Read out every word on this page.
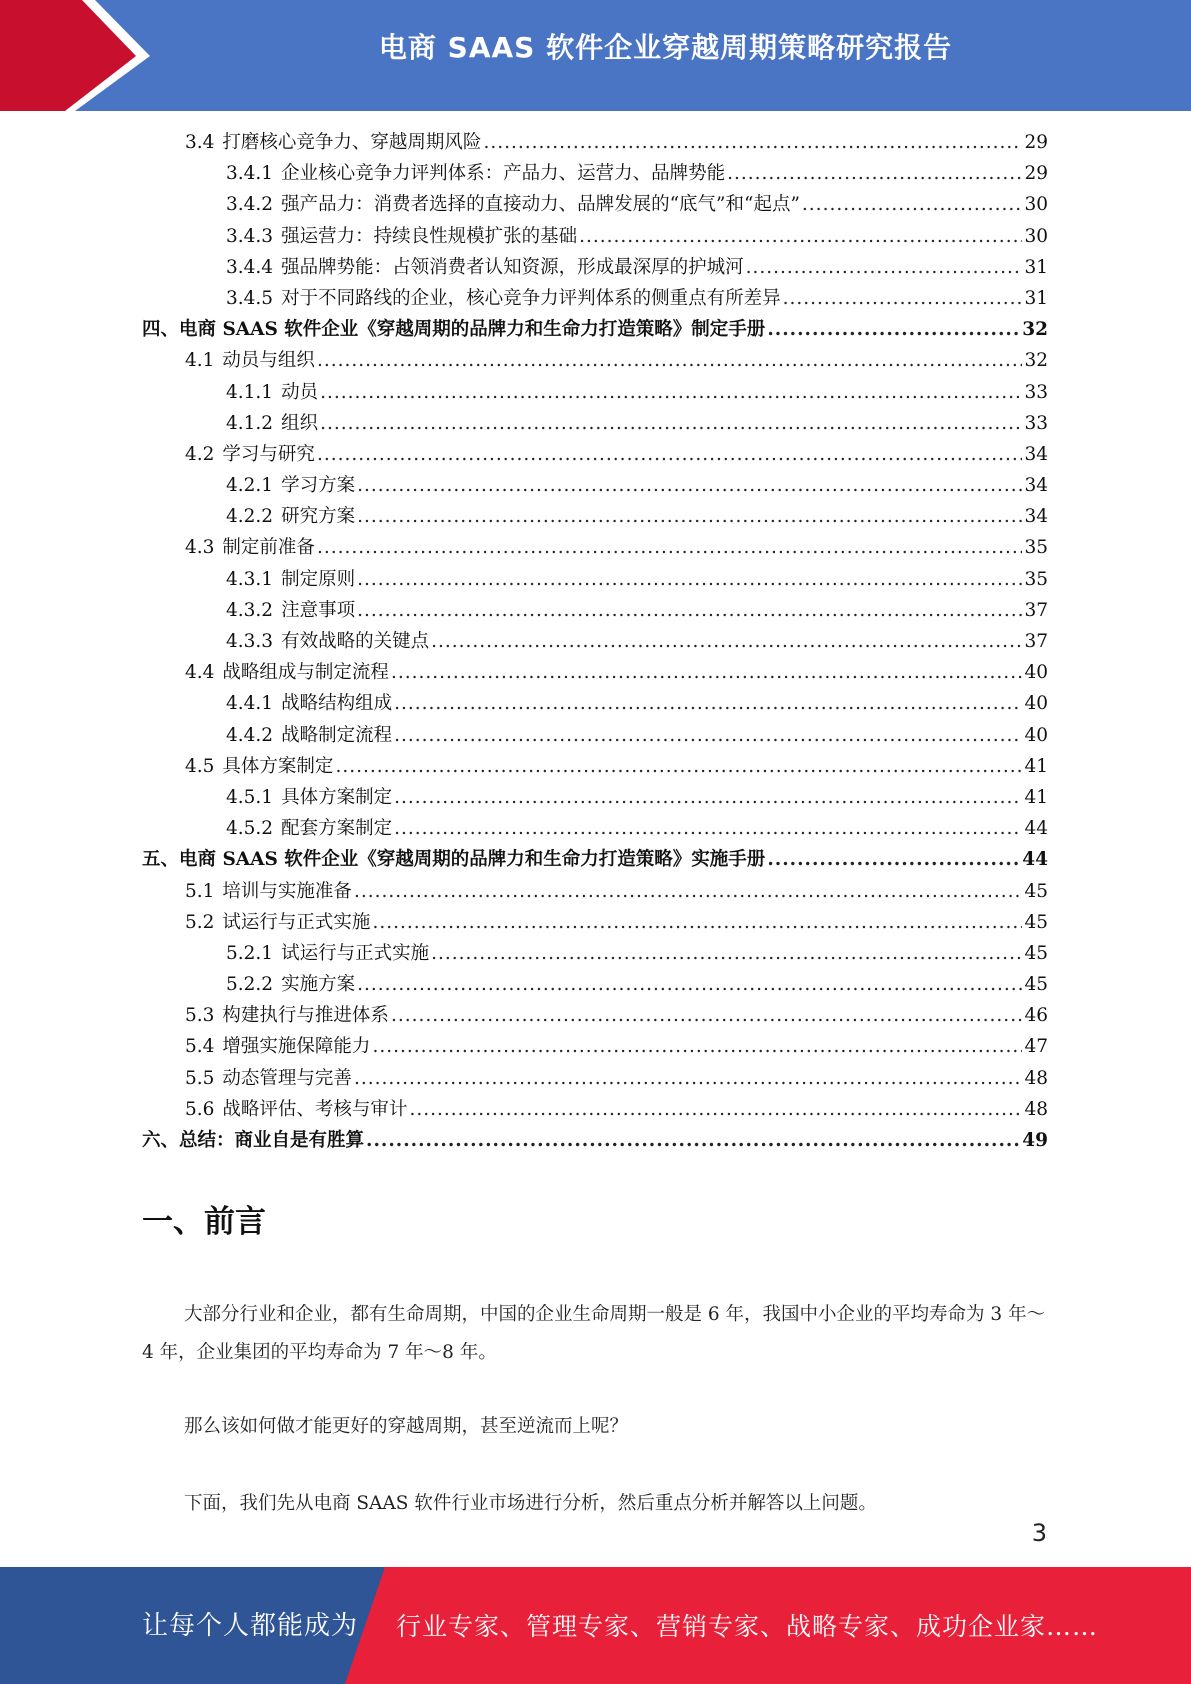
电商 SAAS 软件企业穿越周期策略研究报告
3.4 打磨核心竞争力、穿越周期风险 .....	29
3.4.1 企业核心竞争力评判体系：产品力、运营力、品牌势能 .....	29
3.4.2 强产品力：消费者选择的直接动力、品牌发展的“底气”和“起点” .....	30
3.4.3 强运营力：持续良性规模扩张的基础 .....	30
3.4.4 强品牌势能：占领消费者认知资源，形成最深厚的护城河 .....	31
3.4.5 对于不同路线的企业，核心竞争力评判体系的侧重点有所差异 .....	31
四、电商 SAAS 软件企业《穿越周期的品牌力和生命力打造策略》制定手册 .....	32
4.1 动员与组织 .....	32
4.1.1 动员 .....	33
4.1.2 组织 .....	33
4.2 学习与研究 .....	34
4.2.1 学习方案 .....	34
4.2.2 研究方案 .....	34
4.3 制定前准备 .....	35
4.3.1 制定原则 .....	35
4.3.2 注意事项 .....	37
4.3.3 有效战略的关键点 .....	37
4.4 战略组成与制定流程 .....	40
4.4.1 战略结构组成 .....	40
4.4.2 战略制定流程 .....	40
4.5 具体方案制定 .....	41
4.5.1 具体方案制定 .....	41
4.5.2 配套方案制定 .....	44
五、电商 SAAS 软件企业《穿越周期的品牌力和生命力打造策略》实施手册 .....	44
5.1 培训与实施准备 .....	45
5.2 试运行与正式实施 .....	45
5.2.1 试运行与正式实施 .....	45
5.2.2 实施方案 .....	45
5.3 构建执行与推进体系 .....	46
5.4 增强实施保障能力 .....	47
5.5 动态管理与完善 .....	48
5.6 战略评估、考核与审计 .....	48
六、总结：商业自是有胜算 .....	49
一、前言
大部分行业和企业，都有生命周期，中国的企业生命周期一般是 6 年，我国中小企业的平均寿命为 3 年～4 年，企业集团的平均寿命为 7 年～8 年。
那么该如何做才能更好的穿越周期，甚至逆流而上呢？
下面，我们先从电商 SAAS 软件行业市场进行分析，然后重点分析并解答以上问题。
3
让每个人都能成为 行业专家、管理专家、营销专家、战略专家、成功企业家……
